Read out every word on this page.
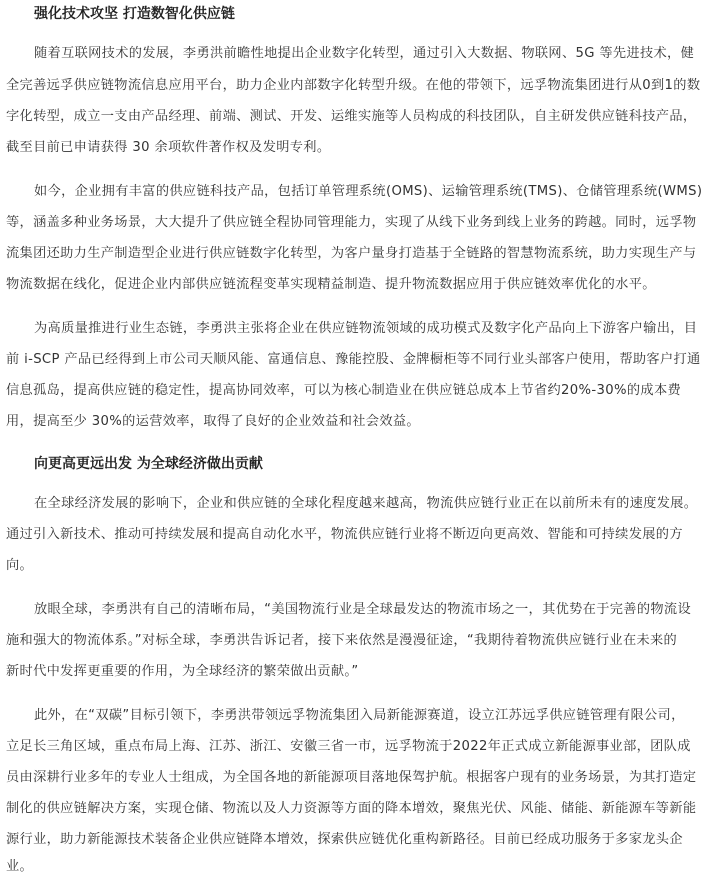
强化技术攻坚 打造数智化供应链
随着互联网技术的发展，李勇洪前瞻性地提出企业数字化转型，通过引入大数据、物联网、5G 等先进技术，健
全完善远孚供应链物流信息应用平台，助力企业内部数字化转型升级。在他的带领下，远孚物流集团进行从0到1的数
字化转型，成立一支由产品经理、前端、测试、开发、运维实施等人员构成的科技团队，自主研发供应链科技产品，
截至目前已申请获得 30 余项软件著作权及发明专利。
如今，企业拥有丰富的供应链科技产品，包括订单管理系统(OMS)、运输管理系统(TMS)、仓储管理系统(WMS)
等，涵盖多种业务场景，大大提升了供应链全程协同管理能力，实现了从线下业务到线上业务的跨越。同时，远孚物
流集团还助力生产制造型企业进行供应链数字化转型，为客户量身打造基于全链路的智慧物流系统，助力实现生产与
物流数据在线化，促进企业内部供应链流程变革实现精益制造、提升物流数据应用于供应链效率优化的水平。
为高质量推进行业生态链，李勇洪主张将企业在供应链物流领域的成功模式及数字化产品向上下游客户输出，目
前 i-SCP 产品已经得到上市公司天顺风能、富通信息、豫能控股、金牌橱柜等不同行业头部客户使用，帮助客户打通
信息孤岛，提高供应链的稳定性，提高协同效率，可以为核心制造业在供应链总成本上节省约20%-30%的成本费
用，提高至少 30%的运营效率，取得了良好的企业效益和社会效益。
向更高更远出发 为全球经济做出贡献
在全球经济发展的影响下，企业和供应链的全球化程度越来越高，物流供应链行业正在以前所未有的速度发展。
通过引入新技术、推动可持续发展和提高自动化水平，物流供应链行业将不断迈向更高效、智能和可持续发展的方
向。
放眼全球，李勇洪有自己的清晰布局，“美国物流行业是全球最发达的物流市场之一，其优势在于完善的物流设
施和强大的物流体系。”对标全球，李勇洪告诉记者，接下来依然是漫漫征途，“我期待着物流供应链行业在未来的
新时代中发挥更重要的作用，为全球经济的繁荣做出贡献。”
此外，在“双碳”目标引领下，李勇洪带领远孚物流集团入局新能源赛道，设立江苏远孚供应链管理有限公司，
立足长三角区域，重点布局上海、江苏、浙江、安徽三省一市，远孚物流于2022年正式成立新能源事业部，团队成
员由深耕行业多年的专业人士组成，为全国各地的新能源项目落地保驾护航。根据客户现有的业务场景，为其打造定
制化的供应链解决方案，实现仓储、物流以及人力资源等方面的降本增效，聚焦光伏、风能、储能、新能源车等新能
源行业，助力新能源技术装备企业供应链降本增效，探索供应链优化重构新路径。目前已经成功服务于多家龙头企
业。
